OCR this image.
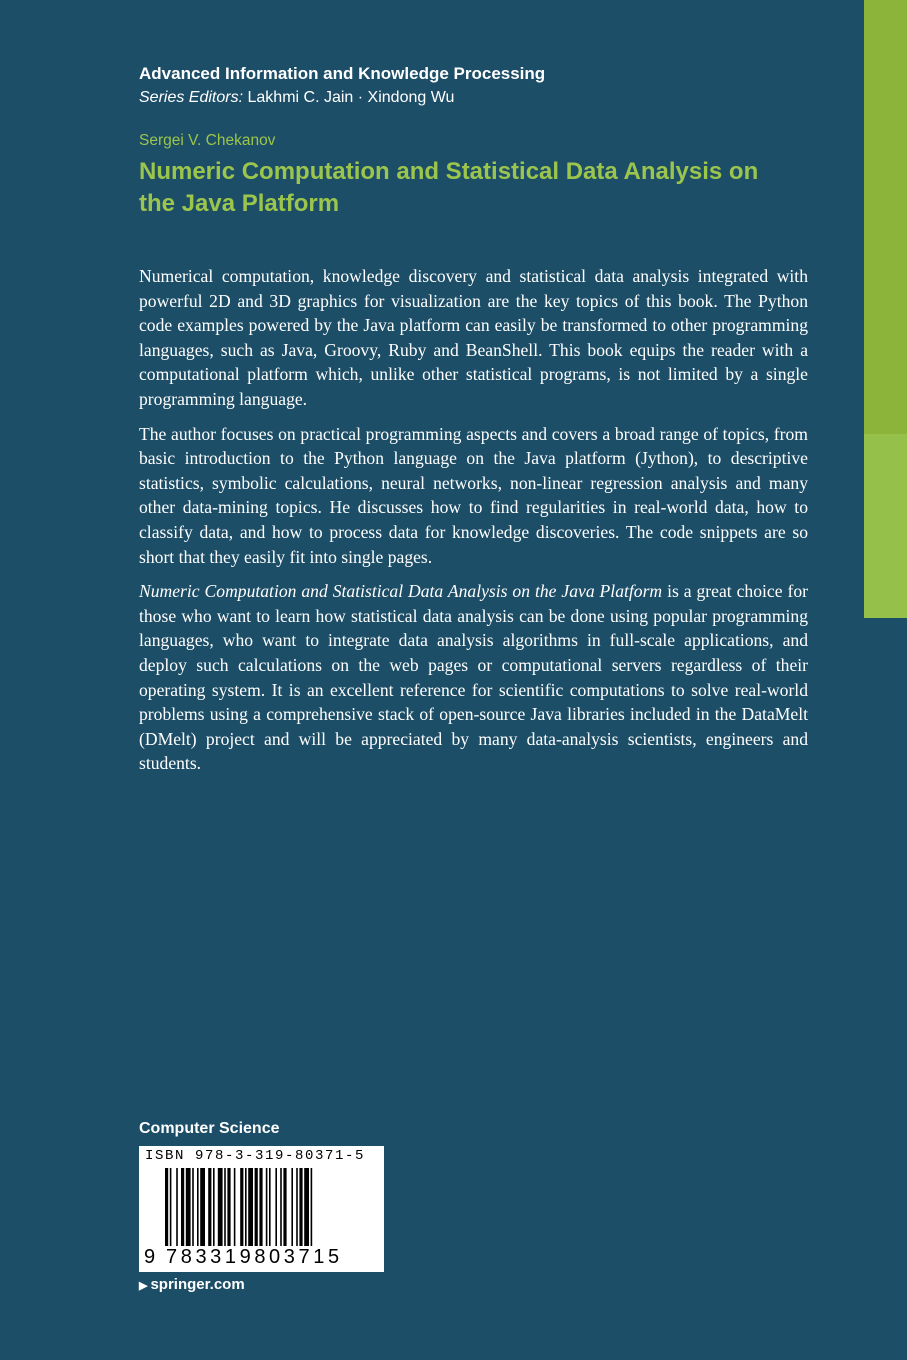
Advanced Information and Knowledge Processing
Series Editors: Lakhmi C. Jain · Xindong Wu
Sergei V. Chekanov
Numeric Computation and Statistical Data Analysis on the Java Platform

Numerical computation, knowledge discovery and statistical data analysis integrated with powerful 2D and 3D graphics for visualization are the key topics of this book. The Python code examples powered by the Java platform can easily be transformed to other programming languages, such as Java, Groovy, Ruby and BeanShell. This book equips the reader with a computational platform which, unlike other statistical programs, is not limited by a single programming language.

The author focuses on practical programming aspects and covers a broad range of topics, from basic introduction to the Python language on the Java platform (Jython), to descriptive statistics, symbolic calculations, neural networks, non-linear regression analysis and many other data-mining topics. He discusses how to find regularities in real-world data, how to classify data, and how to process data for knowledge discoveries. The code snippets are so short that they easily fit into single pages.

Numeric Computation and Statistical Data Analysis on the Java Platform is a great choice for those who want to learn how statistical data analysis can be done using popular programming languages, who want to integrate data analysis algorithms in full-scale applications, and deploy such calculations on the web pages or computational servers regardless of their operating system. It is an excellent reference for scientific computations to solve real-world problems using a comprehensive stack of open-source Java libraries included in the DataMelt (DMelt) project and will be appreciated by many data-analysis scientists, engineers and students.

Computer Science
ISBN 978-3-319-80371-5
9 783319803715
▶ springer.com
